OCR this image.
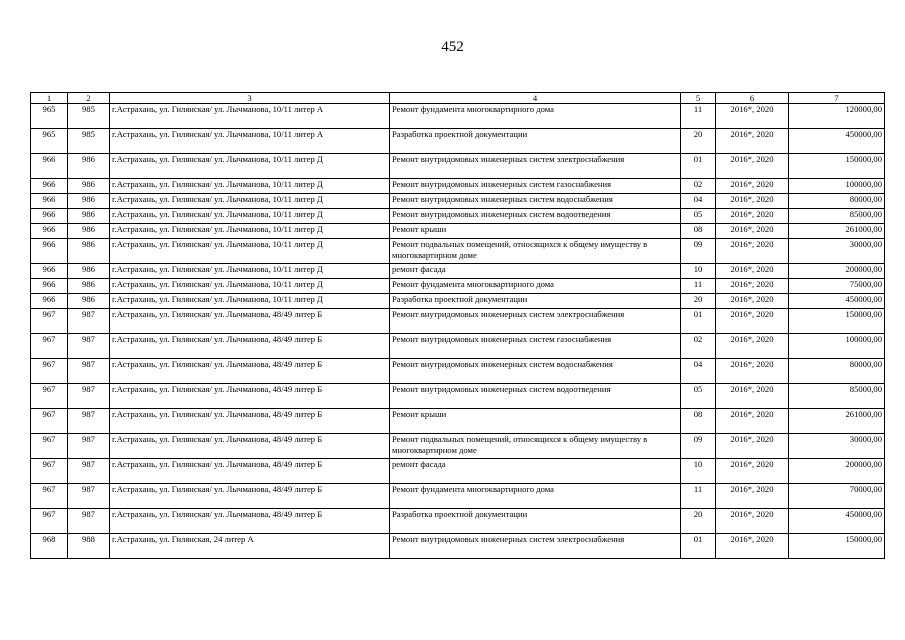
452
1	2	3	4	5	6	7
965	985	г.Астрахань, ул. Гилянская/ ул. Лычманова, 10/11 литер А	Ремонт фундамента многоквартирного дома	11	2016*, 2020	120000,00
965	985	г.Астрахань, ул. Гилянская/ ул. Лычманова, 10/11 литер А	Разработка проектной документации	20	2016*, 2020	450000,00
966	986	г.Астрахань, ул. Гилянская/ ул. Лычманова, 10/11 литер Д	Ремонт внутридомовых инженерных систем электроснабжения	01	2016*, 2020	150000,00
966	986	г.Астрахань, ул. Гилянская/ ул. Лычманова, 10/11 литер Д	Ремонт внутридомовых инженерных систем газоснабжения	02	2016*, 2020	100000,00
966	986	г.Астрахань, ул. Гилянская/ ул. Лычманова, 10/11 литер Д	Ремонт внутридомовых инженерных систем водоснабжения	04	2016*, 2020	80000,00
966	986	г.Астрахань, ул. Гилянская/ ул. Лычманова, 10/11 литер Д	Ремонт внутридомовых инженерных систем водоотведения	05	2016*, 2020	85000,00
966	986	г.Астрахань, ул. Гилянская/ ул. Лычманова, 10/11 литер Д	Ремонт крыши	08	2016*, 2020	261000,00
966	986	г.Астрахань, ул. Гилянская/ ул. Лычманова, 10/11 литер Д	Ремонт подвальных помещений, относящихся к общему имуществу в многоквартирном доме	09	2016*, 2020	30000,00
966	986	г.Астрахань, ул. Гилянская/ ул. Лычманова, 10/11 литер Д	ремонт фасада	10	2016*, 2020	200000,00
966	986	г.Астрахань, ул. Гилянская/ ул. Лычманова, 10/11 литер Д	Ремонт фундамента многоквартирного дома	11	2016*, 2020	75000,00
966	986	г.Астрахань, ул. Гилянская/ ул. Лычманова, 10/11 литер Д	Разработка проектной документации	20	2016*, 2020	450000,00
967	987	г.Астрахань, ул. Гилянская/ ул. Лычманова, 48/49 литер Б	Ремонт внутридомовых инженерных систем электроснабжения	01	2016*, 2020	150000,00
967	987	г.Астрахань, ул. Гилянская/ ул. Лычманова, 48/49 литер Б	Ремонт внутридомовых инженерных систем газоснабжения	02	2016*, 2020	100000,00
967	987	г.Астрахань, ул. Гилянская/ ул. Лычманова, 48/49 литер Б	Ремонт внутридомовых инженерных систем водоснабжения	04	2016*, 2020	80000,00
967	987	г.Астрахань, ул. Гилянская/ ул. Лычманова, 48/49 литер Б	Ремонт внутридомовых инженерных систем водоотведения	05	2016*, 2020	85000,00
967	987	г.Астрахань, ул. Гилянская/ ул. Лычманова, 48/49 литер Б	Ремонт крыши	08	2016*, 2020	261000,00
967	987	г.Астрахань, ул. Гилянская/ ул. Лычманова, 48/49 литер Б	Ремонт подвальных помещений, относящихся к общему имуществу в многоквартирном доме	09	2016*, 2020	30000,00
967	987	г.Астрахань, ул. Гилянская/ ул. Лычманова, 48/49 литер Б	ремонт фасада	10	2016*, 2020	200000,00
967	987	г.Астрахань, ул. Гилянская/ ул. Лычманова, 48/49 литер Б	Ремонт фундамента многоквартирного дома	11	2016*, 2020	70000,00
967	987	г.Астрахань, ул. Гилянская/ ул. Лычманова, 48/49 литер Б	Разработка проектной документации	20	2016*, 2020	450000,00
968	988	г.Астрахань, ул. Гилянская, 24 литер А	Ремонт внутридомовых инженерных систем электроснабжения	01	2016*, 2020	150000,00
